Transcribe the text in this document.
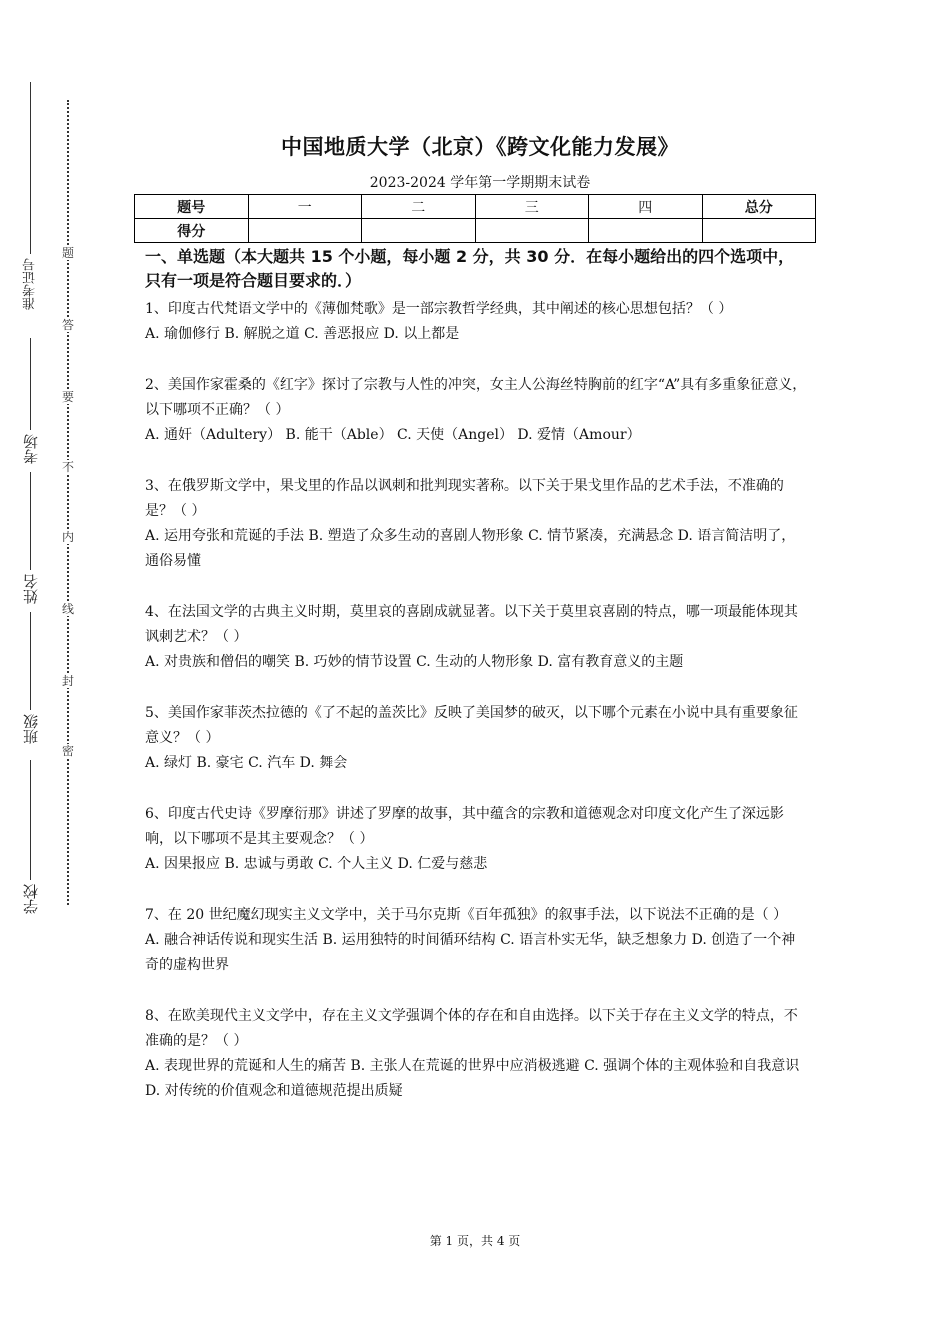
准考证号
考场
姓名
班级
学校
题
答
要
不
内
线
封
密
中国地质大学（北京）《跨文化能力发展》
2023-2024 学年第一学期期末试卷
题号	一	二	三	四	总分
得分					
一、单选题（本大题共 15 个小题，每小题 2 分，共 30 分．在每小题给出的四个选项中，只有一项是符合题目要求的．）
1、印度古代梵语文学中的《薄伽梵歌》是一部宗教哲学经典，其中阐述的核心思想包括？（ ）
A. 瑜伽修行 B. 解脱之道 C. 善恶报应 D. 以上都是
2、美国作家霍桑的《红字》探讨了宗教与人性的冲突，女主人公海丝特胸前的红字“A”具有多重象征意义，以下哪项不正确？（ ）
A. 通奸（Adultery） B. 能干（Able） C. 天使（Angel） D. 爱情（Amour）
3、在俄罗斯文学中，果戈里的作品以讽刺和批判现实著称。以下关于果戈里作品的艺术手法，不准确的是？（ ）
A. 运用夸张和荒诞的手法 B. 塑造了众多生动的喜剧人物形象 C. 情节紧凑，充满悬念 D. 语言简洁明了，通俗易懂
4、在法国文学的古典主义时期，莫里哀的喜剧成就显著。以下关于莫里哀喜剧的特点，哪一项最能体现其讽刺艺术？（ ）
A. 对贵族和僧侣的嘲笑 B. 巧妙的情节设置 C. 生动的人物形象 D. 富有教育意义的主题
5、美国作家菲茨杰拉德的《了不起的盖茨比》反映了美国梦的破灭，以下哪个元素在小说中具有重要象征意义？（ ）
A. 绿灯 B. 豪宅 C. 汽车 D. 舞会
6、印度古代史诗《罗摩衍那》讲述了罗摩的故事，其中蕴含的宗教和道德观念对印度文化产生了深远影响，以下哪项不是其主要观念？（ ）
A. 因果报应 B. 忠诚与勇敢 C. 个人主义 D. 仁爱与慈悲
7、在 20 世纪魔幻现实主义文学中，关于马尔克斯《百年孤独》的叙事手法，以下说法不正确的是（ ）
A. 融合神话传说和现实生活 B. 运用独特的时间循环结构 C. 语言朴实无华，缺乏想象力 D. 创造了一个神奇的虚构世界
8、在欧美现代主义文学中，存在主义文学强调个体的存在和自由选择。以下关于存在主义文学的特点，不准确的是？（ ）
A. 表现世界的荒诞和人生的痛苦 B. 主张人在荒诞的世界中应消极逃避 C. 强调个体的主观体验和自我意识 D. 对传统的价值观念和道德规范提出质疑
第 1 页，共 4 页
